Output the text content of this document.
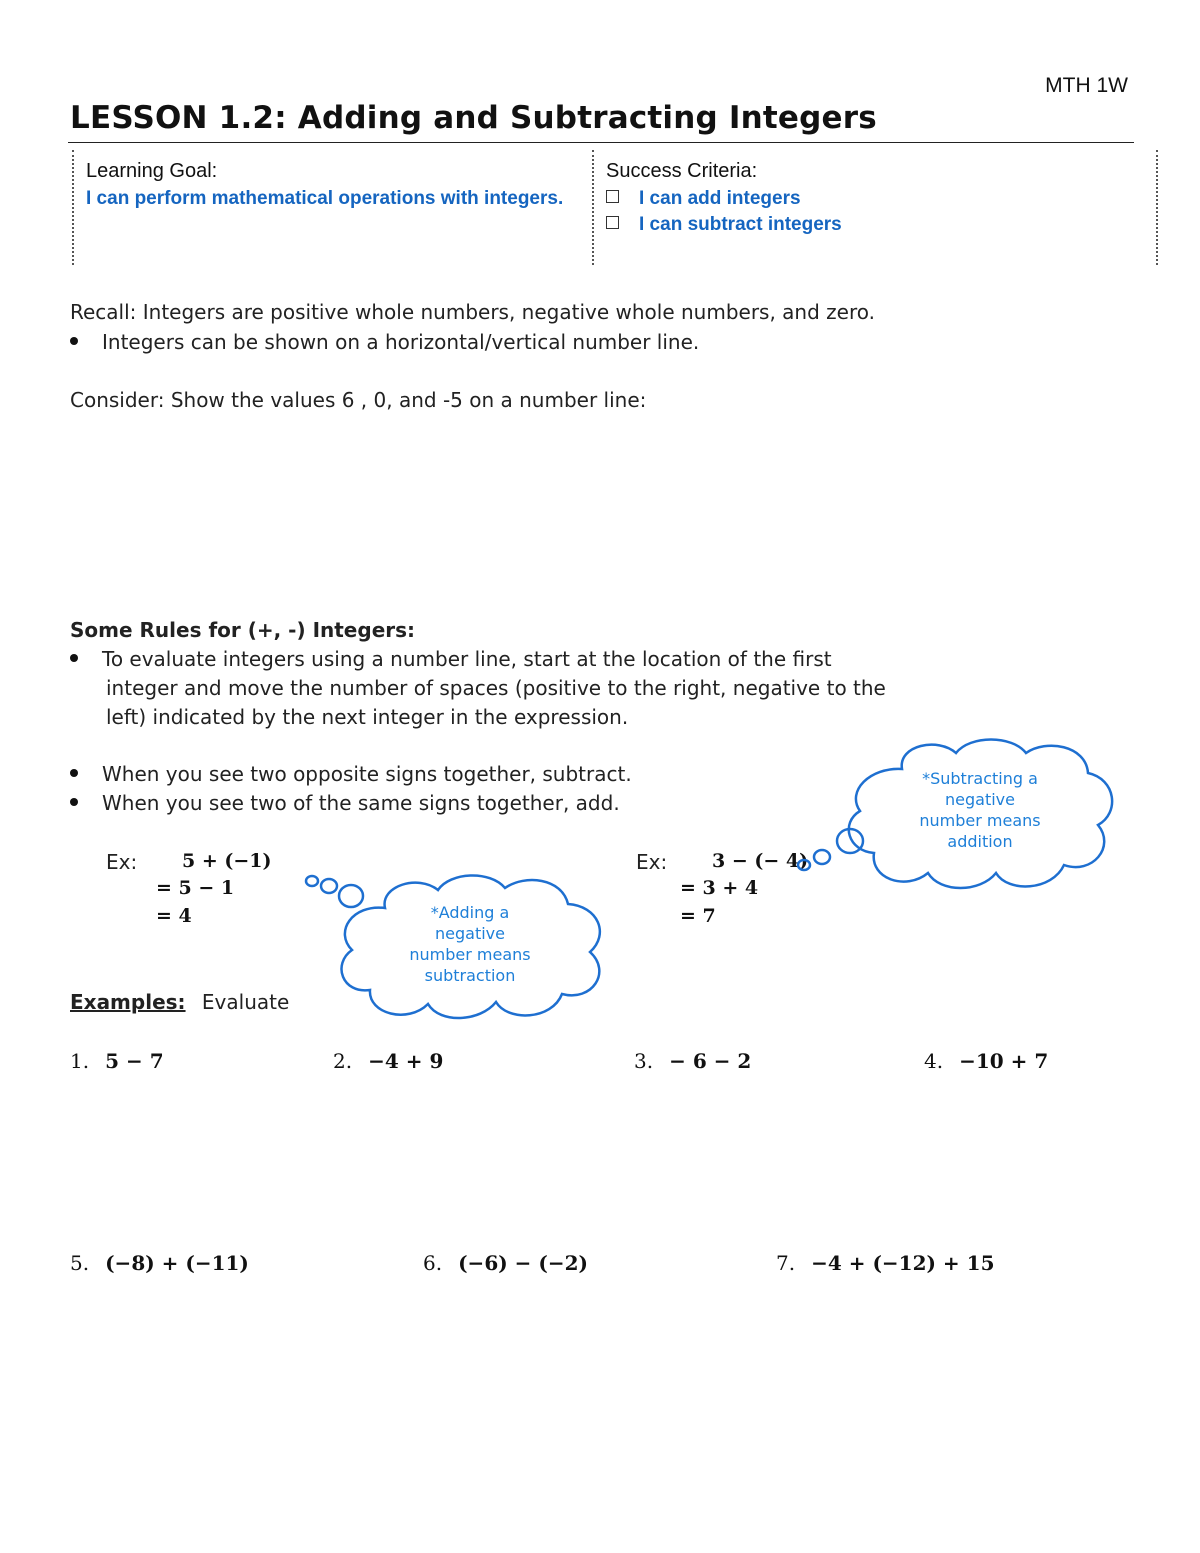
MTH 1W
LESSON 1.2: Adding and Subtracting Integers
Learning Goal:
I can perform mathematical operations with integers.
Success Criteria:
I can add integers
I can subtract integers
Recall: Integers are positive whole numbers, negative whole numbers, and zero.
Integers can be shown on a horizontal/vertical number line.
Consider: Show the values 6 , 0, and -5 on a number line:
Some Rules for (+, -) Integers:
To evaluate integers using a number line, start at the location of the first
integer and move the number of spaces (positive to the right, negative to the
left) indicated by the next integer in the expression.
When you see two opposite signs together, subtract.
When you see two of the same signs together, add.
Ex: 5 + (−1)
= 5 − 1
= 4
Ex: 3 − (− 4)
= 3 + 4
= 7
*Adding a
negative
number means
subtraction
*Subtracting a
negative
number means
addition
Examples: Evaluate
1. 5 − 7	2. −4 + 9	3. − 6 − 2	4. −10 + 7
5. (−8) + (−11)	6. (−6) − (−2)	7. −4 + (−12) + 15
